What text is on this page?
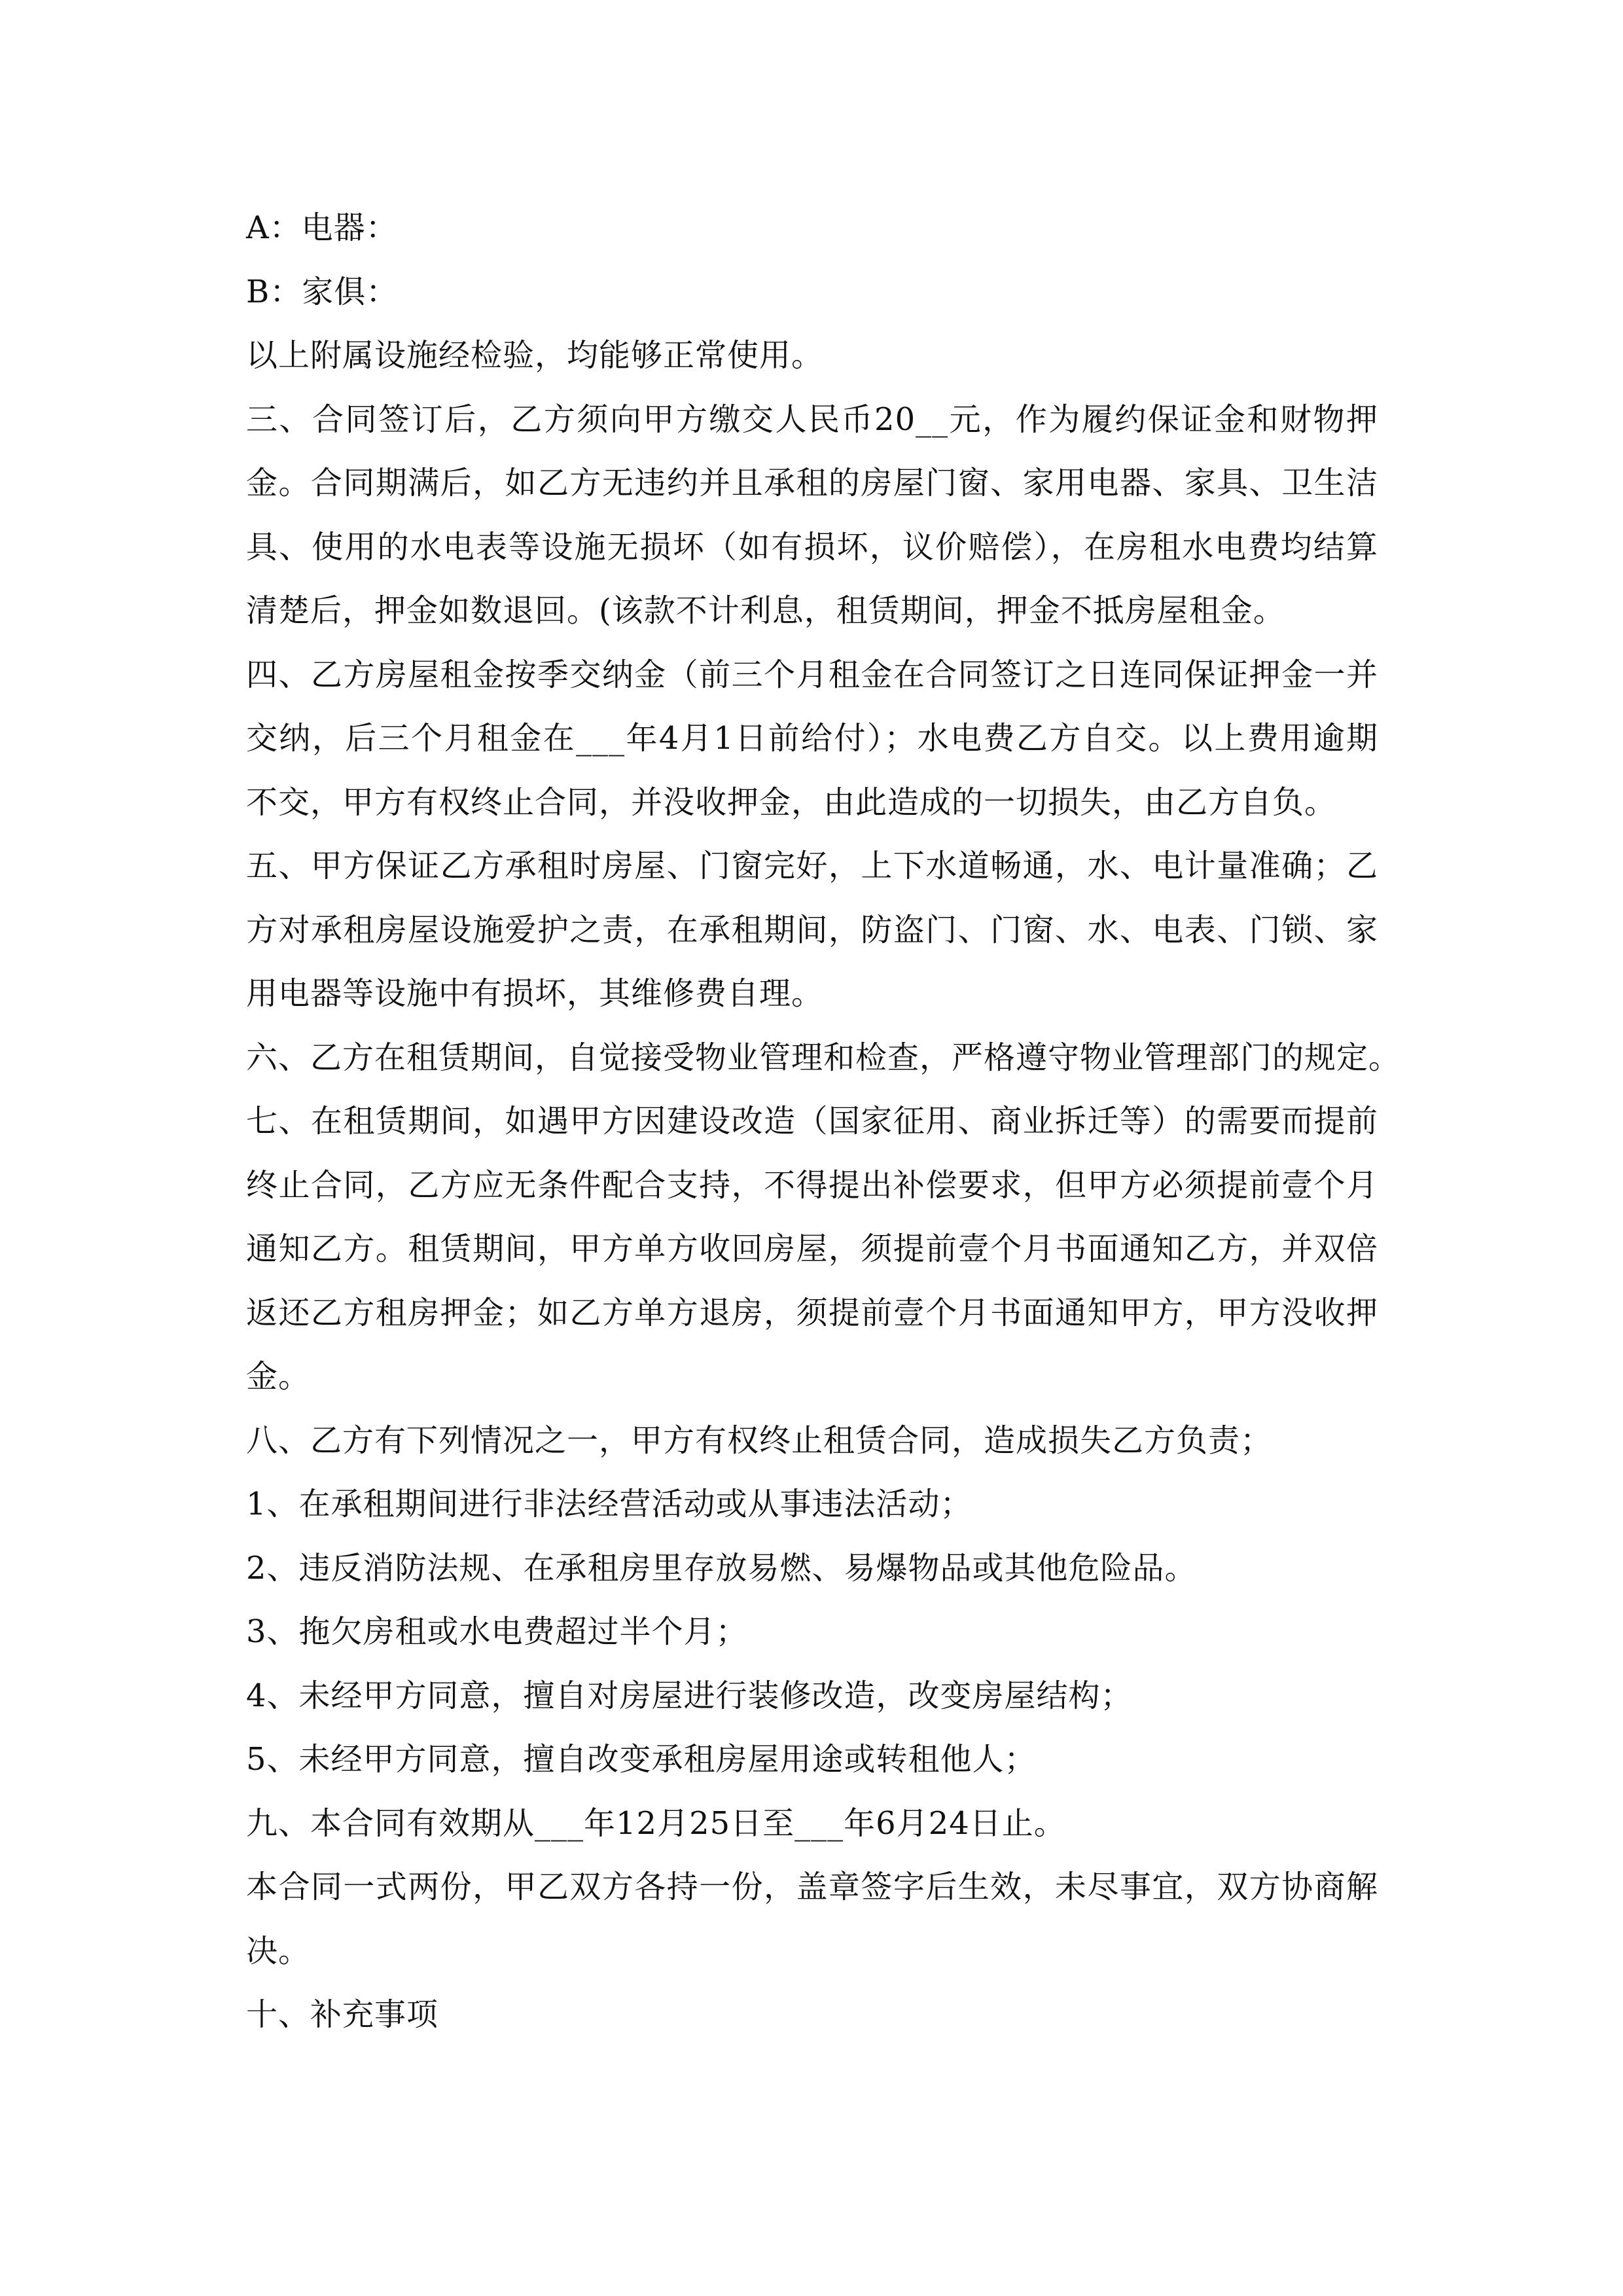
A：电器：
B：家俱：
以上附属设施经检验，均能够正常使用。
三、合同签订后，乙方须向甲方缴交人民币20__元，作为履约保证金和财物押金。合同期满后，如乙方无违约并且承租的房屋门窗、家用电器、家具、卫生洁具、使用的水电表等设施无损坏（如有损坏，议价赔偿），在房租水电费均结算清楚后，押金如数退回。(该款不计利息，租赁期间，押金不抵房屋租金。
四、乙方房屋租金按季交纳金（前三个月租金在合同签订之日连同保证押金一并交纳，后三个月租金在___年4月1日前给付）；水电费乙方自交。以上费用逾期不交，甲方有权终止合同，并没收押金，由此造成的一切损失，由乙方自负。
五、甲方保证乙方承租时房屋、门窗完好，上下水道畅通，水、电计量准确；乙方对承租房屋设施爱护之责，在承租期间，防盗门、门窗、水、电表、门锁、家用电器等设施中有损坏，其维修费自理。
六、乙方在租赁期间，自觉接受物业管理和检查，严格遵守物业管理部门的规定。
七、在租赁期间，如遇甲方因建设改造（国家征用、商业拆迁等）的需要而提前终止合同，乙方应无条件配合支持，不得提出补偿要求，但甲方必须提前壹个月通知乙方。租赁期间，甲方单方收回房屋，须提前壹个月书面通知乙方，并双倍返还乙方租房押金；如乙方单方退房，须提前壹个月书面通知甲方，甲方没收押金。
八、乙方有下列情况之一，甲方有权终止租赁合同，造成损失乙方负责；
1、在承租期间进行非法经营活动或从事违法活动；
2、违反消防法规、在承租房里存放易燃、易爆物品或其他危险品。
3、拖欠房租或水电费超过半个月；
4、未经甲方同意，擅自对房屋进行装修改造，改变房屋结构；
5、未经甲方同意，擅自改变承租房屋用途或转租他人；
九、本合同有效期从___年12月25日至___年6月24日止。
本合同一式两份，甲乙双方各持一份，盖章签字后生效，未尽事宜，双方协商解决。
十、补充事项
